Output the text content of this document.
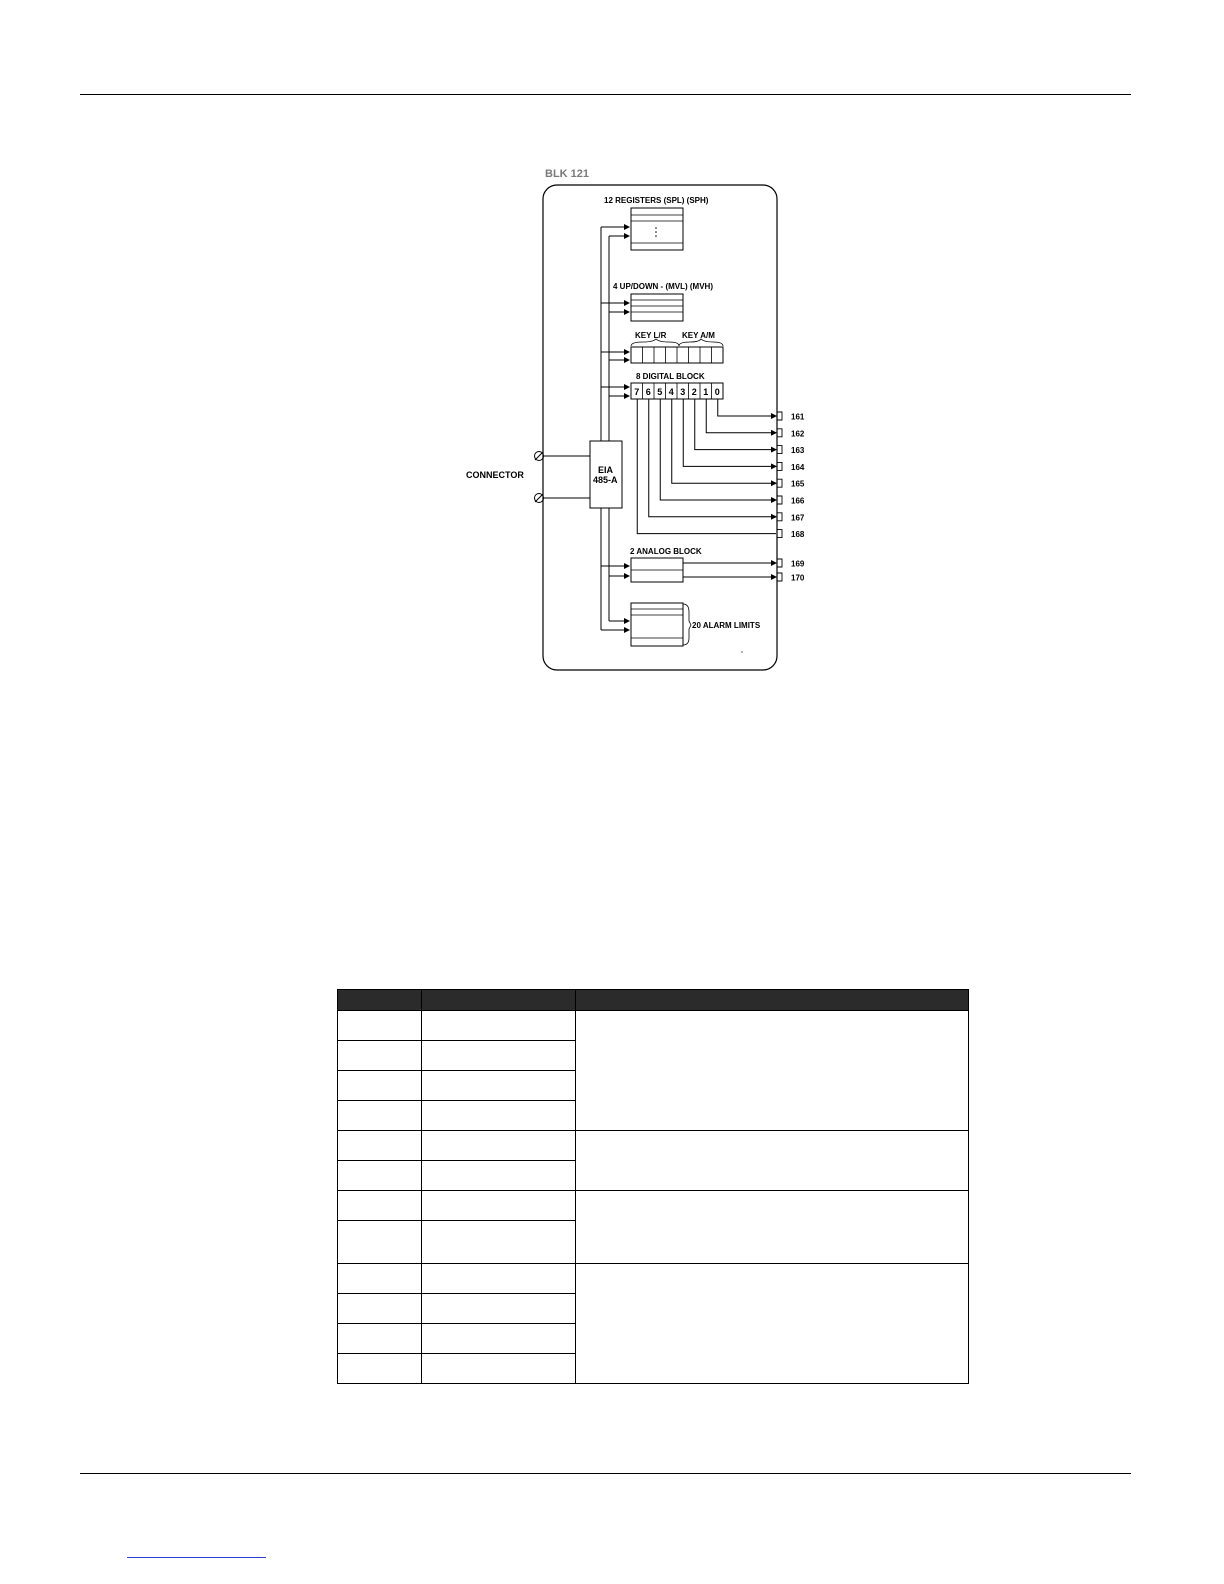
BLK 121
CONNECTOR	EIA
485-A
12 REGISTERS (SPL) (SPH)
4 UP/DOWN - (MVL) (MVH)
KEY L/R KEY A/M
8 DIGITAL BLOCK
7 6 5 4 3 2 1 0
161
162
163
164
165
166
167
168
2 ANALOG BLOCK
169
170
20 ALARM LIMITS
